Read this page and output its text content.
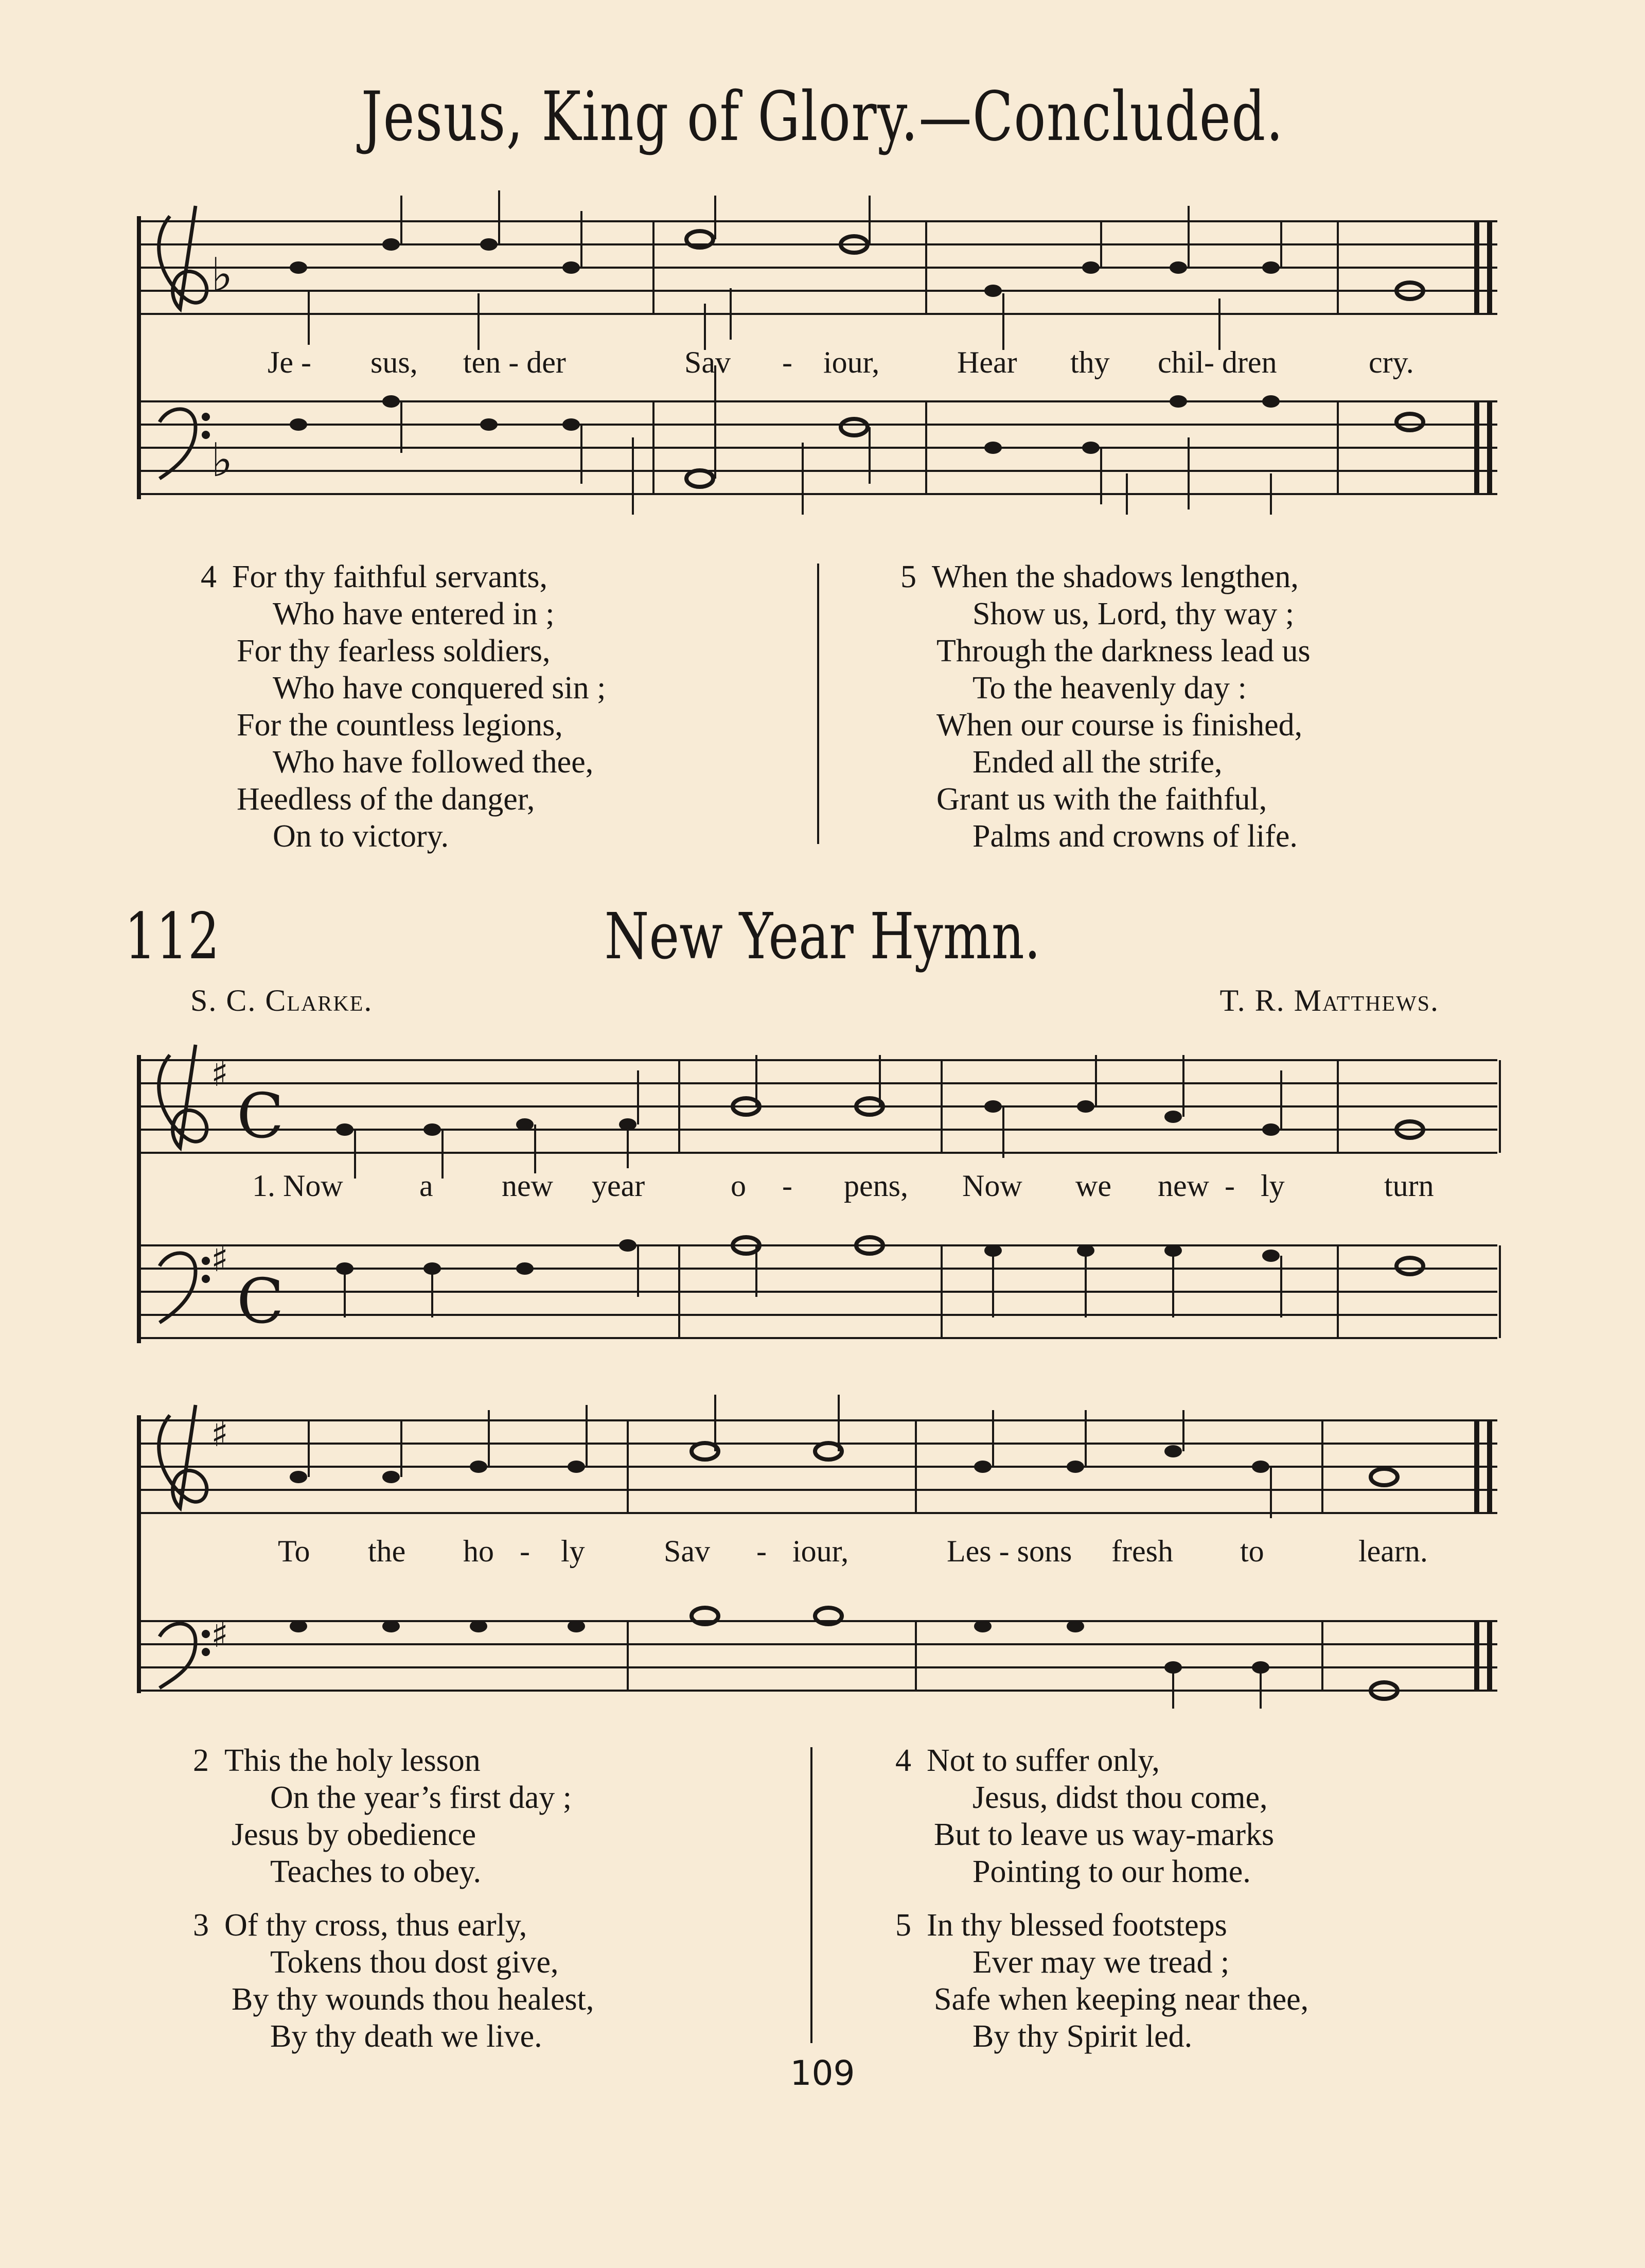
Jesus, King of Glory.—Concluded.
♭
♭
Je - sus, ten - der	Sav - iour,	Hear thy chil- dren	cry.
4 For thy faithful servants,
Who have entered in ;
For thy fearless soldiers,
Who have conquered sin ;
For the countless legions,
Who have followed thee,
Heedless of the danger,
On to victory.
5 When the shadows lengthen,
Show us, Lord, thy way ;
Through the darkness lead us
To the heavenly day :
When our course is finished,
Ended all the strife,
Grant us with the faithful,
Palms and crowns of life.
112	New Year Hymn.
S. C. Clarke.	T. R. Matthews.
♯
♯
C
C
1. Now a new year	o - pens, Now we new - ly	turn
♯
♯
To the ho - ly	Sav - iour,	Les - sons fresh to	learn.
2 This the holy lesson
On the year’s first day ;
Jesus by obedience
Teaches to obey.
3 Of thy cross, thus early,
Tokens thou dost give,
By thy wounds thou healest,
By thy death we live.
4 Not to suffer only,
Jesus, didst thou come,
But to leave us way-marks
Pointing to our home.
5 In thy blessed footsteps
Ever may we tread ;
Safe when keeping near thee,
By thy Spirit led.
109
